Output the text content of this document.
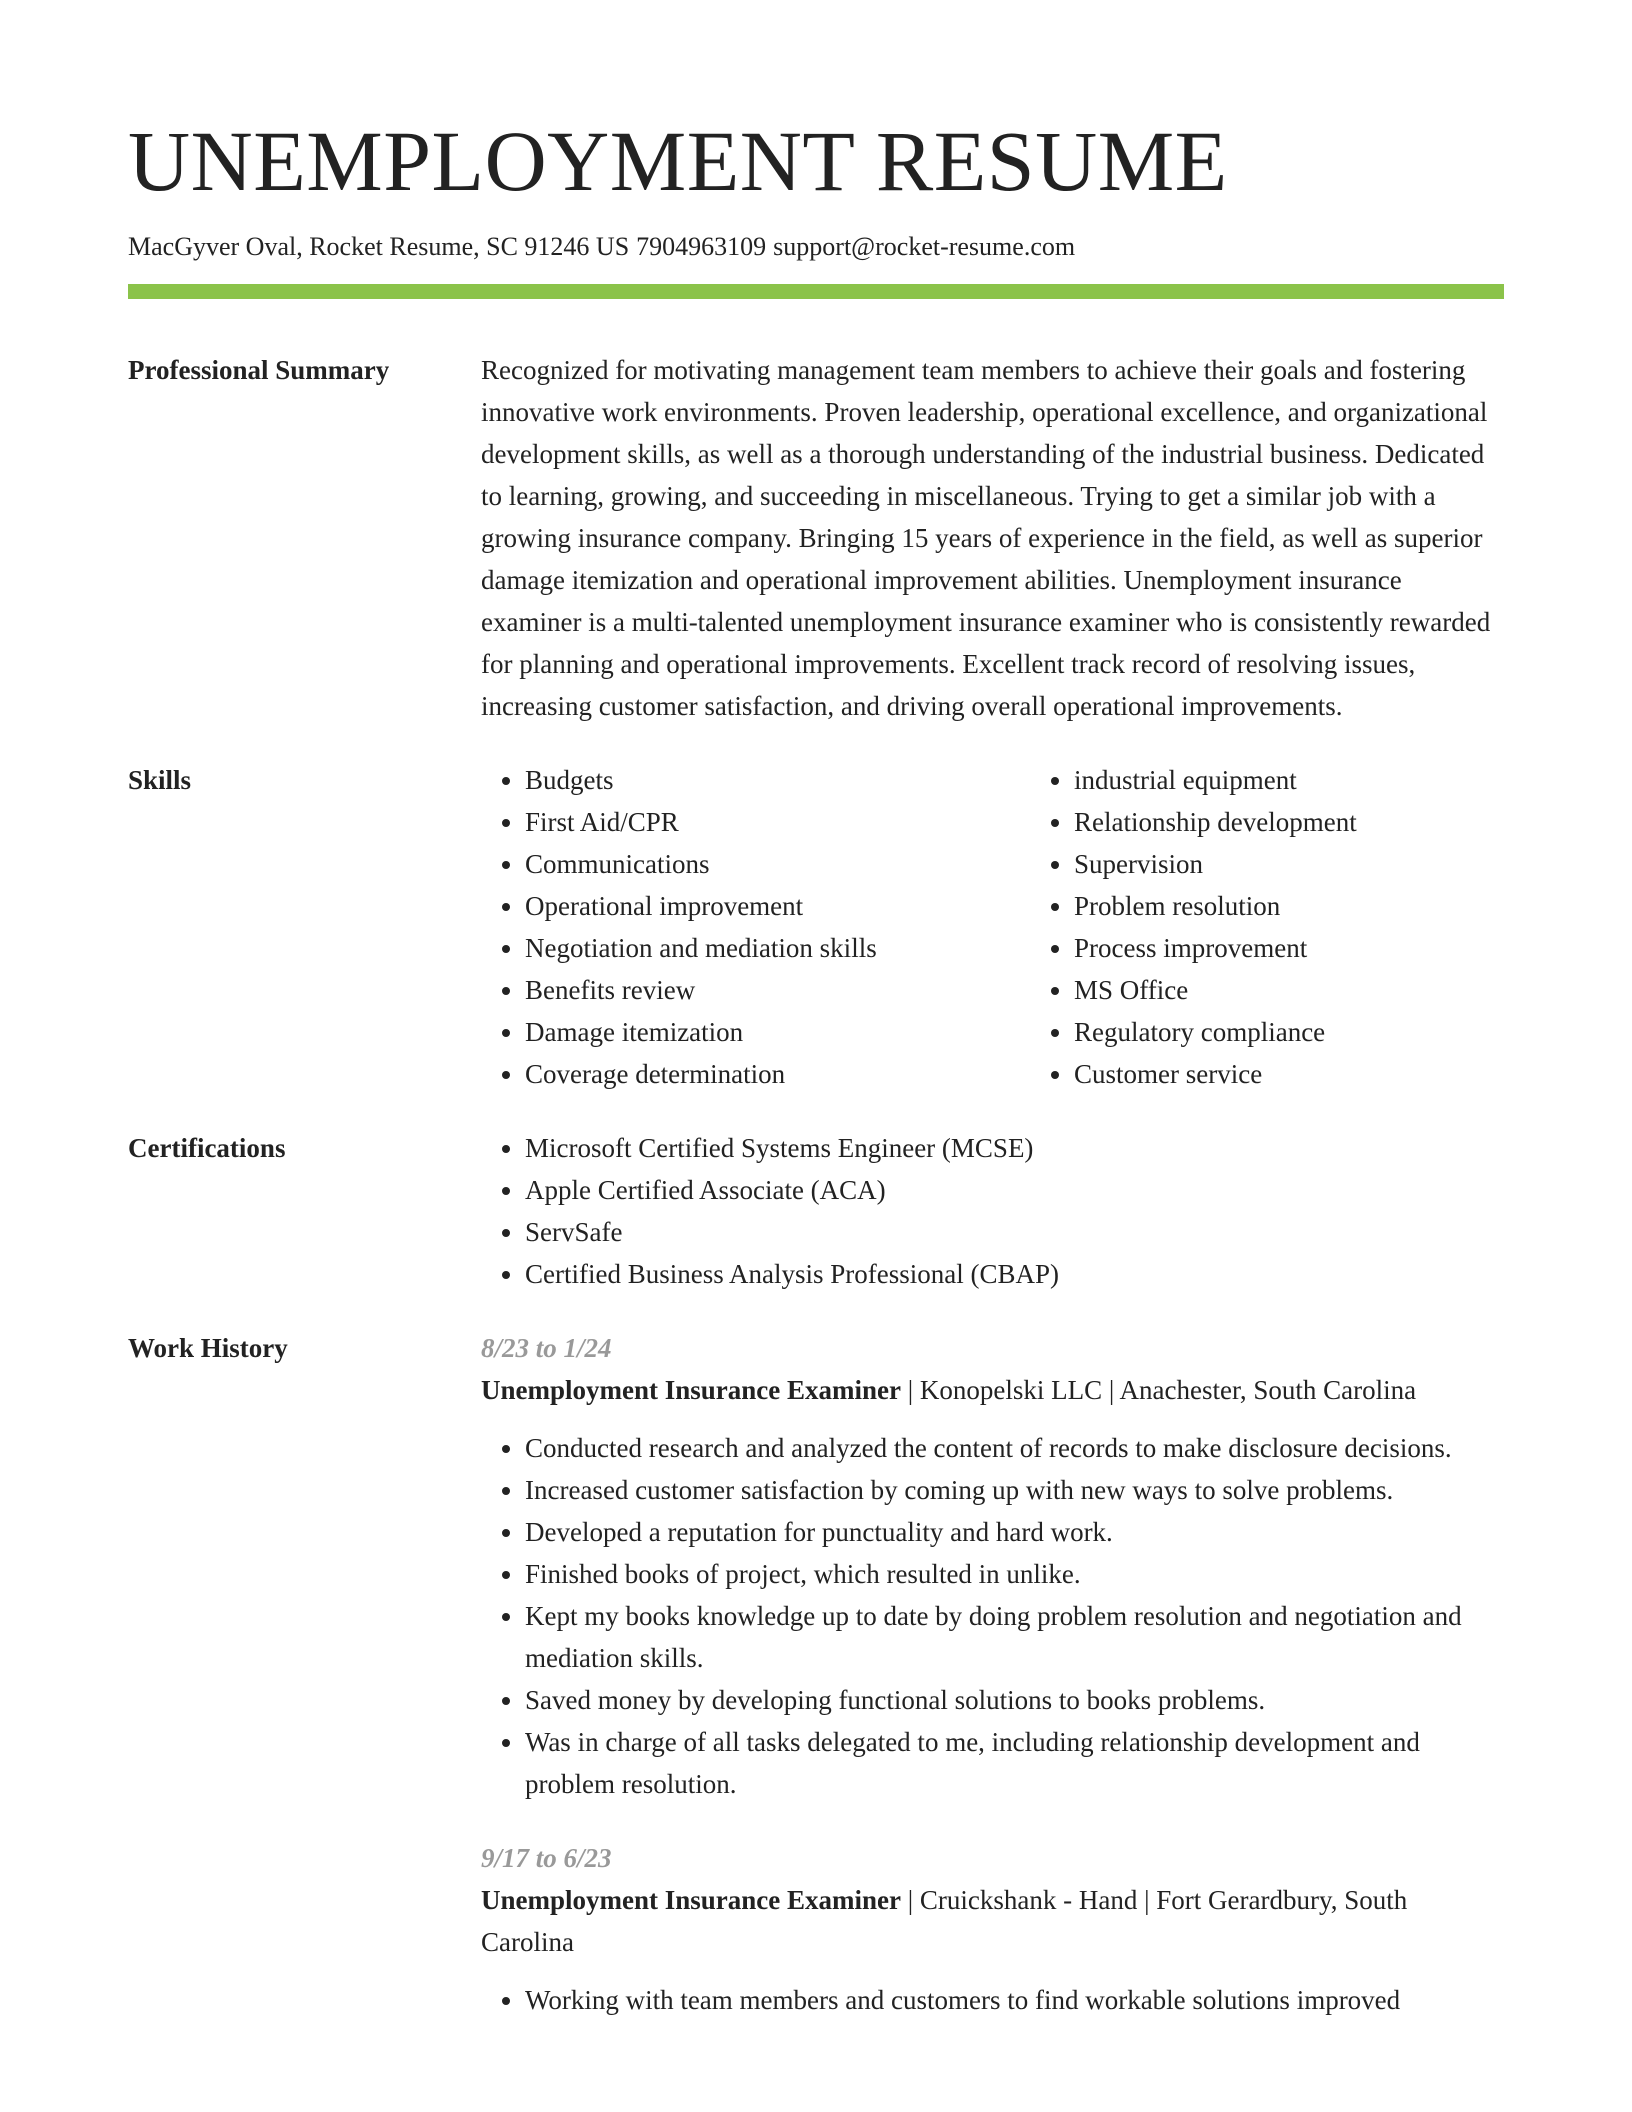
UNEMPLOYMENT RESUME

MacGyver Oval, Rocket Resume, SC 91246 US 7904963109 support@rocket-resume.com

Professional Summary	Recognized for motivating management team members to achieve their goals and fostering innovative work environments. Proven leadership, operational excellence, and organizational development skills, as well as a thorough understanding of the industrial business. Dedicated to learning, growing, and succeeding in miscellaneous. Trying to get a similar job with a growing insurance company. Bringing 15 years of experience in the field, as well as superior damage itemization and operational improvement abilities. Unemployment insurance examiner is a multi-talented unemployment insurance examiner who is consistently rewarded for planning and operational improvements. Excellent track record of resolving issues, increasing customer satisfaction, and driving overall operational improvements.

Skills	• Budgets
• First Aid/CPR
• Communications
• Operational improvement
• Negotiation and mediation skills
• Benefits review
• Damage itemization
• Coverage determination
• industrial equipment
• Relationship development
• Supervision
• Problem resolution
• Process improvement
• MS Office
• Regulatory compliance
• Customer service
Certifications	• Microsoft Certified Systems Engineer (MCSE)
• Apple Certified Associate (ACA)
• ServSafe
• Certified Business Analysis Professional (CBAP)
Work History	8/23 to 1/24

Unemployment Insurance Examiner | Konopelski LLC | Anachester, South Carolina

• Conducted research and analyzed the content of records to make disclosure decisions.
• Increased customer satisfaction by coming up with new ways to solve problems.
• Developed a reputation for punctuality and hard work.
• Finished books of project, which resulted in unlike.
• Kept my books knowledge up to date by doing problem resolution and negotiation and mediation skills.
• Saved money by developing functional solutions to books problems.
• Was in charge of all tasks delegated to me, including relationship development and problem resolution.
9/17 to 6/23

Unemployment Insurance Examiner | Cruickshank - Hand | Fort Gerardbury, South Carolina

• Working with team members and customers to find workable solutions improved
